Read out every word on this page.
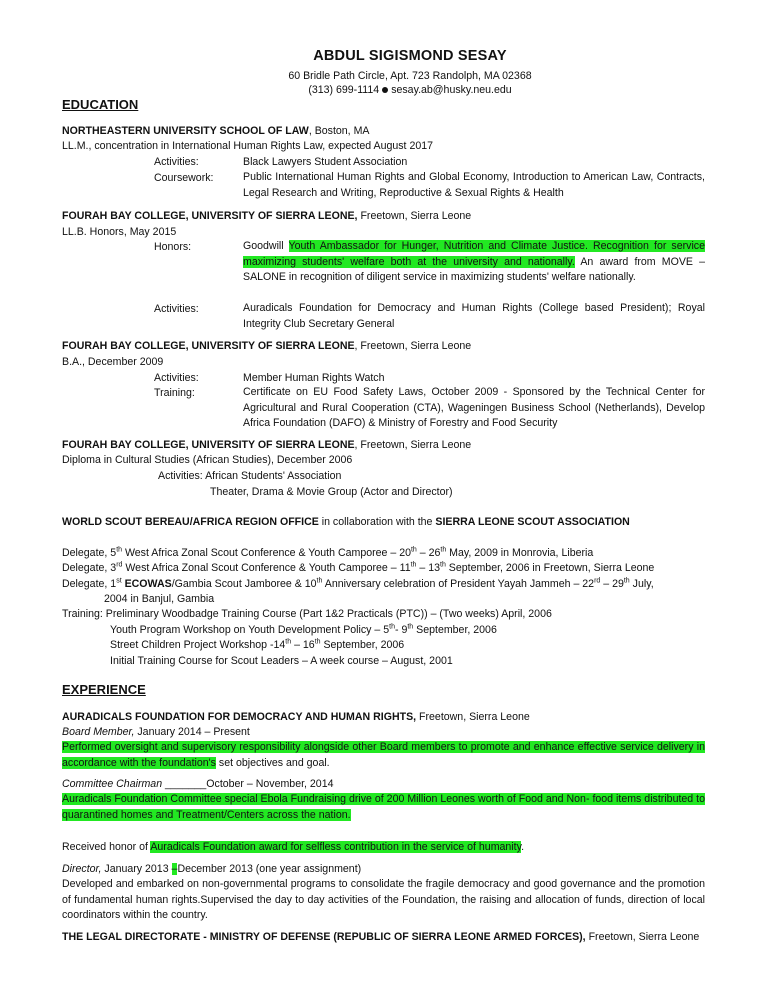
ABDUL SIGISMOND SESAY
60 Bridle Path Circle, Apt. 723 Randolph, MA 02368
(313) 699-1114 sesay.ab@husky.neu.edu
EDUCATION
NORTHEASTERN UNIVERSITY SCHOOL OF LAW, Boston, MA
LL.M., concentration in International Human Rights Law, expected August 2017
Activities:	Black Lawyers Student Association
Coursework:	Public International Human Rights and Global Economy, Introduction to American Law, Contracts, Legal Research and Writing, Reproductive & Sexual Rights & Health
FOURAH BAY COLLEGE, UNIVERSITY OF SIERRA LEONE, Freetown, Sierra Leone
LL.B. Honors, May 2015
Honors:	Goodwill Youth Ambassador for Hunger, Nutrition and Climate Justice. Recognition for service maximizing students' welfare both at the university and nationally. An award from MOVE – SALONE in recognition of diligent service in maximizing students' welfare nationally.
Activities:	Auradicals Foundation for Democracy and Human Rights (College based President); Royal Integrity Club Secretary General
FOURAH BAY COLLEGE, UNIVERSITY OF SIERRA LEONE, Freetown, Sierra Leone
B.A., December 2009
Activities:	Member Human Rights Watch
Training:	Certificate on EU Food Safety Laws, October 2009 - Sponsored by the Technical Center for Agricultural and Rural Cooperation (CTA), Wageningen Business School (Netherlands), Develop Africa Foundation (DAFO) & Ministry of Forestry and Food Security
FOURAH BAY COLLEGE, UNIVERSITY OF SIERRA LEONE, Freetown, Sierra Leone
Diploma in Cultural Studies (African Studies), December 2006
Activities: African Students' Association
Theater, Drama & Movie Group (Actor and Director)
WORLD SCOUT BEREAU/AFRICA REGION OFFICE in collaboration with the SIERRA LEONE SCOUT ASSOCIATION
Delegate, 5th West Africa Zonal Scout Conference & Youth Camporee – 20th – 26th May, 2009 in Monrovia, Liberia
Delegate, 3rd West Africa Zonal Scout Conference & Youth Camporee – 11th – 13th September, 2006 in Freetown, Sierra Leone
Delegate, 1st ECOWAS/Gambia Scout Jamboree & 10th Anniversary celebration of President Yayah Jammeh – 22rd – 29th July,
2004 in Banjul, Gambia
Training: Preliminary Woodbadge Training Course (Part 1&2 Practicals (PTC)) – (Two weeks) April, 2006
Youth Program Workshop on Youth Development Policy – 5th- 9th September, 2006
Street Children Project Workshop -14th – 16th September, 2006
Initial Training Course for Scout Leaders – A week course – August, 2001
EXPERIENCE
AURADICALS FOUNDATION FOR DEMOCRACY AND HUMAN RIGHTS, Freetown, Sierra Leone
Board Member, January 2014 – Present
Performed oversight and supervisory responsibility alongside other Board members to promote and enhance effective service delivery in accordance with the foundation's set objectives and goal.
Committee Chairman _______October – November, 2014
Auradicals Foundation Committee special Ebola Fundraising drive of 200 Million Leones worth of Food and Non- food items distributed to quarantined homes and Treatment/Centers across the nation.
Received honor of Auradicals Foundation award for selfless contribution in the service of humanity.
Director, January 2013 –December 2013 (one year assignment)
Developed and embarked on non-governmental programs to consolidate the fragile democracy and good governance and the promotion of fundamental human rights.Supervised the day to day activities of the Foundation, the raising and allocation of funds, direction of local coordinators within the country.
THE LEGAL DIRECTORATE - MINISTRY OF DEFENSE (REPUBLIC OF SIERRA LEONE ARMED FORCES), Freetown, Sierra Leone
